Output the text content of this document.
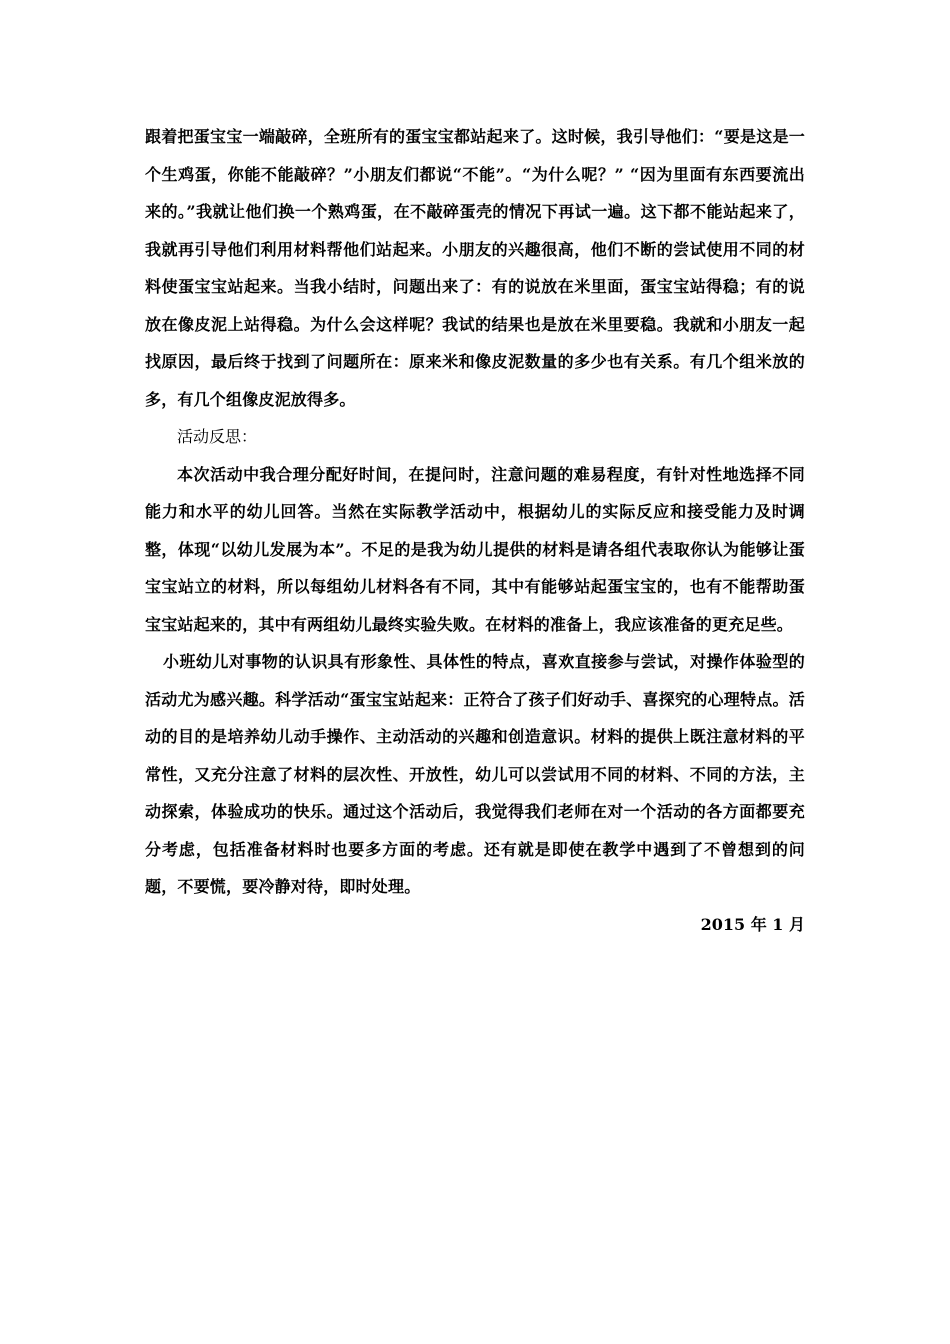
跟着把蛋宝宝一端敲碎，全班所有的蛋宝宝都站起来了。这时候，我引导他们：“要是这是一个生鸡蛋，你能不能敲碎？”小朋友们都说“不能”。“为什么呢？” “因为里面有东西要流出来的。”我就让他们换一个熟鸡蛋，在不敲碎蛋壳的情况下再试一遍。这下都不能站起来了，我就再引导他们利用材料帮他们站起来。小朋友的兴趣很高，他们不断的尝试使用不同的材料使蛋宝宝站起来。当我小结时，问题出来了：有的说放在米里面，蛋宝宝站得稳；有的说放在像皮泥上站得稳。为什么会这样呢？我试的结果也是放在米里要稳。我就和小朋友一起找原因，最后终于找到了问题所在：原来米和像皮泥数量的多少也有关系。有几个组米放的多，有几个组像皮泥放得多。

活动反思：

本次活动中我合理分配好时间，在提问时，注意问题的难易程度，有针对性地选择不同能力和水平的幼儿回答。当然在实际教学活动中，根据幼儿的实际反应和接受能力及时调整，体现“以幼儿发展为本”。不足的是我为幼儿提供的材料是请各组代表取你认为能够让蛋宝宝站立的材料，所以每组幼儿材料各有不同，其中有能够站起蛋宝宝的，也有不能帮助蛋宝宝站起来的，其中有两组幼儿最终实验失败。在材料的准备上，我应该准备的更充足些。

小班幼儿对事物的认识具有形象性、具体性的特点，喜欢直接参与尝试，对操作体验型的活动尤为感兴趣。科学活动“蛋宝宝站起来：正符合了孩子们好动手、喜探究的心理特点。活动的目的是培养幼儿动手操作、主动活动的兴趣和创造意识。材料的提供上既注意材料的平常性，又充分注意了材料的层次性、开放性，幼儿可以尝试用不同的材料、不同的方法，主动探索，体验成功的快乐。通过这个活动后，我觉得我们老师在对一个活动的各方面都要充分考虑，包括准备材料时也要多方面的考虑。还有就是即使在教学中遇到了不曾想到的问题，不要慌，要冷静对待，即时处理。

2015 年 1 月
